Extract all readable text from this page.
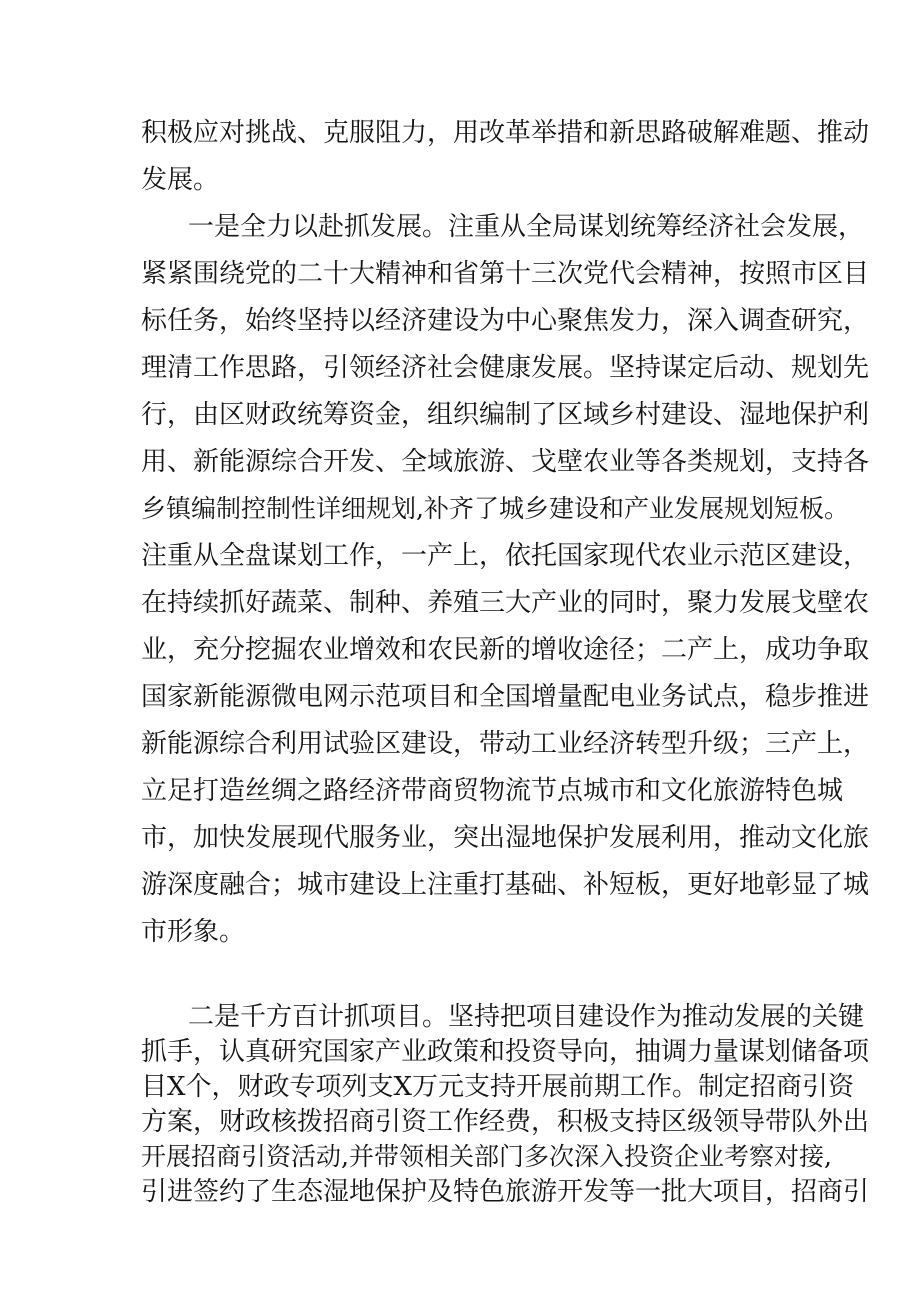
积极应对挑战、克服阻力，用改革举措和新思路破解难题、推动
发展。
一是全力以赴抓发展。注重从全局谋划统筹经济社会发展，
紧紧围绕党的二十大精神和省第十三次党代会精神，按照市区目
标任务，始终坚持以经济建设为中心聚焦发力，深入调查研究，
理清工作思路，引领经济社会健康发展。坚持谋定后动、规划先
行，由区财政统筹资金，组织编制了区域乡村建设、湿地保护利
用、新能源综合开发、全域旅游、戈壁农业等各类规划，支持各
乡镇编制控制性详细规划,补齐了城乡建设和产业发展规划短板。
注重从全盘谋划工作，一产上，依托国家现代农业示范区建设，
在持续抓好蔬菜、制种、养殖三大产业的同时，聚力发展戈壁农
业，充分挖掘农业增效和农民新的增收途径；二产上，成功争取
国家新能源微电网示范项目和全国增量配电业务试点，稳步推进
新能源综合利用试验区建设，带动工业经济转型升级；三产上，
立足打造丝绸之路经济带商贸物流节点城市和文化旅游特色城
市，加快发展现代服务业，突出湿地保护发展利用，推动文化旅
游深度融合；城市建设上注重打基础、补短板，更好地彰显了城
市形象。
二是千方百计抓项目。坚持把项目建设作为推动发展的关键
抓手，认真研究国家产业政策和投资导向，抽调力量谋划储备项
目X个，财政专项列支X万元支持开展前期工作。制定招商引资
方案，财政核拨招商引资工作经费，积极支持区级领导带队外出
开展招商引资活动,并带领相关部门多次深入投资企业考察对接,
引进签约了生态湿地保护及特色旅游开发等一批大项目，招商引
